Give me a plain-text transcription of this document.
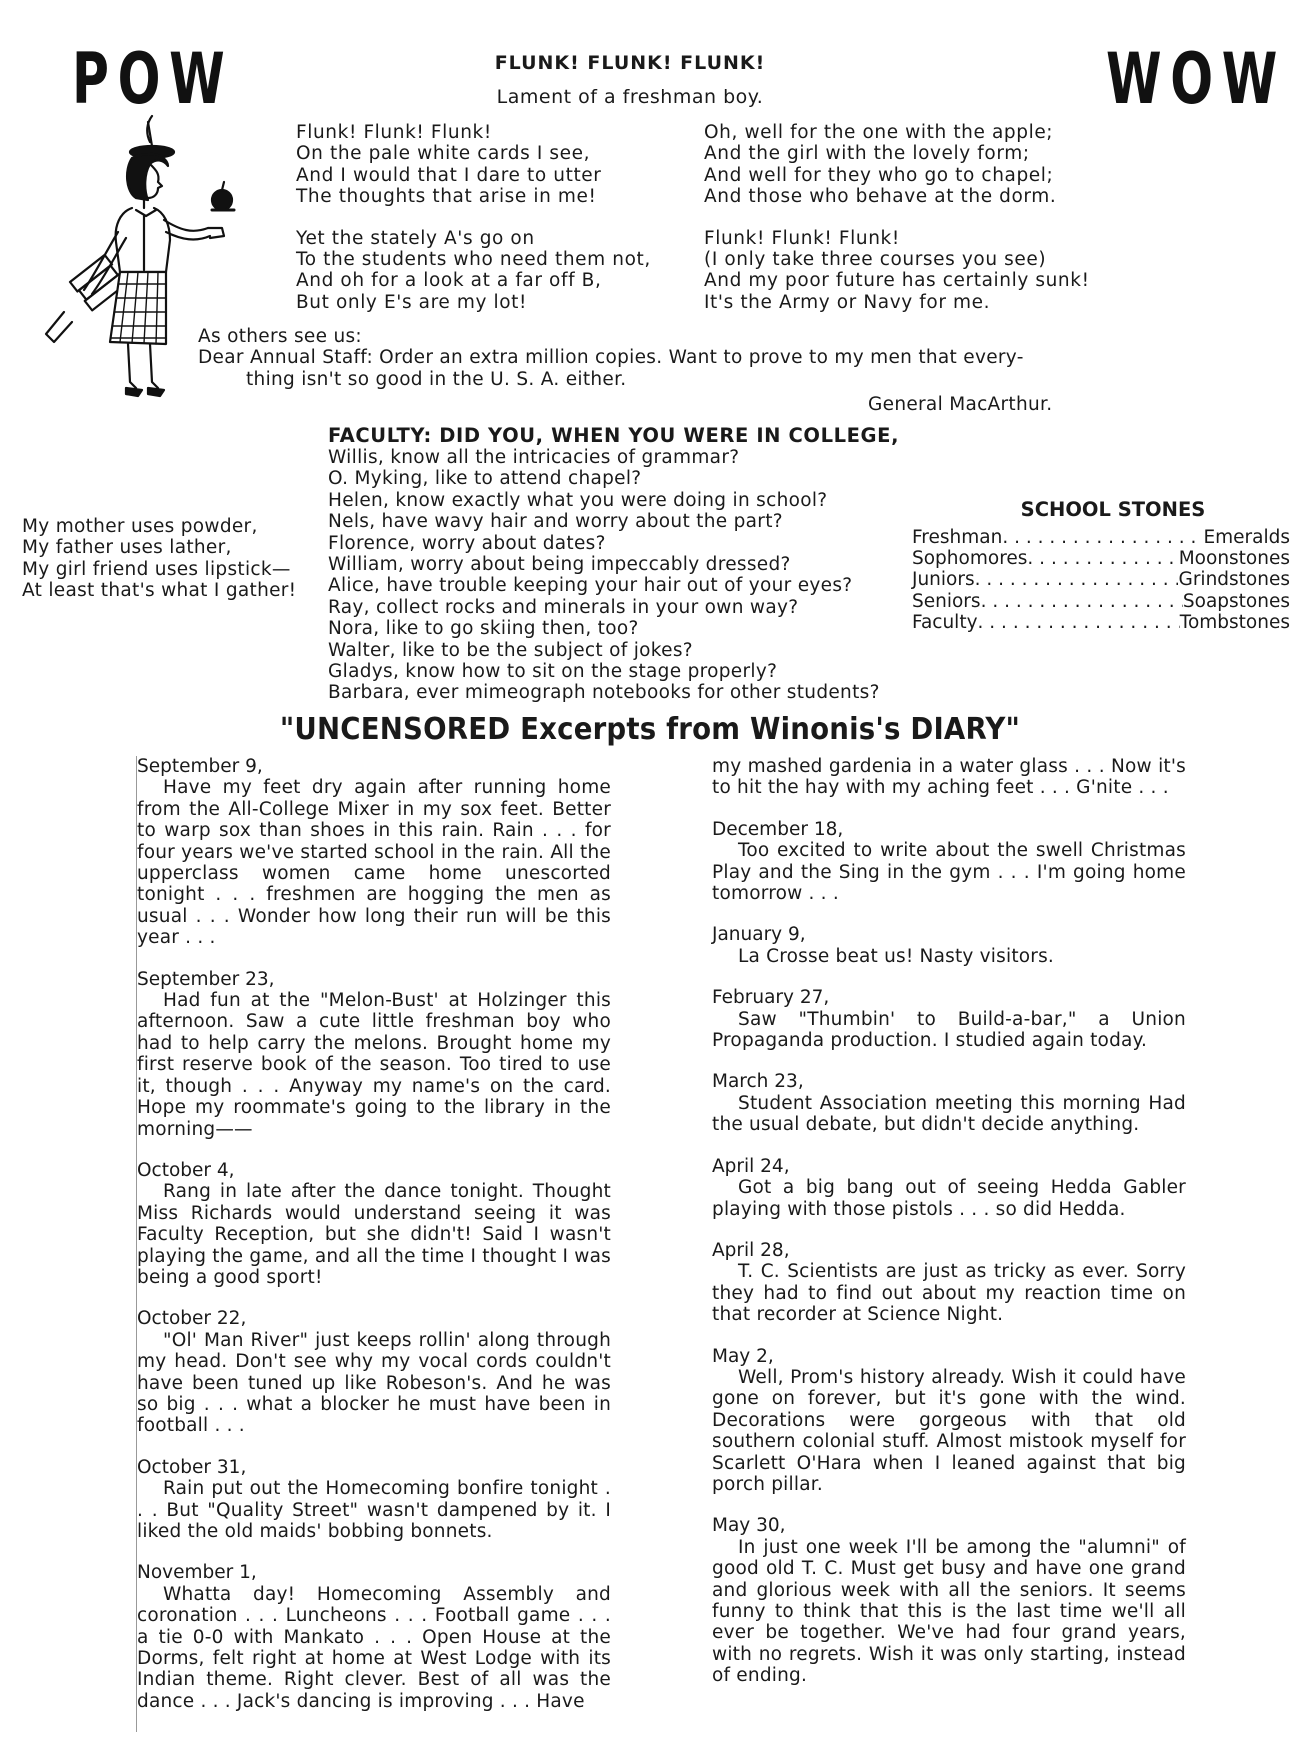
POW	WOW
FLUNK! FLUNK! FLUNK!
Lament of a freshman boy.
Flunk! Flunk! Flunk!
On the pale white cards I see,
And I would that I dare to utter
The thoughts that arise in me!
Yet the stately A's go on
To the students who need them not,
And oh for a look at a far off B,
But only E's are my lot!
Oh, well for the one with the apple;
And the girl with the lovely form;
And well for they who go to chapel;
And those who behave at the dorm.
Flunk! Flunk! Flunk!
(I only take three courses you see)
And my poor future has certainly sunk!
It's the Army or Navy for me.
As others see us:
Dear Annual Staff: Order an extra million copies. Want to prove to my men that every-
thing isn't so good in the U. S. A. either.
General MacArthur.
FACULTY: DID YOU, WHEN YOU WERE IN COLLEGE,
Willis, know all the intricacies of grammar?
O. Myking, like to attend chapel?
Helen, know exactly what you were doing in school?
Nels, have wavy hair and worry about the part?
Florence, worry about dates?
William, worry about being impeccably dressed?
Alice, have trouble keeping your hair out of your eyes?
Ray, collect rocks and minerals in your own way?
Nora, like to go skiing then, too?
Walter, like to be the subject of jokes?
Gladys, know how to sit on the stage properly?
Barbara, ever mimeograph notebooks for other students?
My mother uses powder,
My father uses lather,
My girl friend uses lipstick—
At least that's what I gather!
SCHOOL STONES
Freshman . . .	Emeralds
Sophomores . . .	Moonstones
Juniors . . .	Grindstones
Seniors . . .	Soapstones
Faculty . . .	Tombstones
"UNCENSORED Excerpts from Winonis's DIARY"
September 9,

Have my feet dry again after running home from the All-College Mixer in my sox feet. Better to warp sox than shoes in this rain. Rain . . . for four years we've started school in the rain. All the upperclass women came home unescorted tonight . . . freshmen are hogging the men as usual . . . Wonder how long their run will be this year . . .

September 23,

Had fun at the "Melon-Bust' at Holzinger this afternoon. Saw a cute little freshman boy who had to help carry the melons. Brought home my first reserve book of the season. Too tired to use it, though . . . Anyway my name's on the card. Hope my roommate's going to the library in the morning——

October 4,

Rang in late after the dance tonight. Thought Miss Richards would understand seeing it was Faculty Reception, but she didn't! Said I wasn't playing the game, and all the time I thought I was being a good sport!

October 22,

"Ol' Man River" just keeps rollin' along through my head. Don't see why my vocal cords couldn't have been tuned up like Robeson's. And he was so big . . . what a blocker he must have been in football . . .

October 31,

Rain put out the Homecoming bonfire tonight . . . But "Quality Street" wasn't dampened by it. I liked the old maids' bobbing bonnets.

November 1,

Whatta day! Homecoming Assembly and coronation . . . Luncheons . . . Football game . . . a tie 0-0 with Mankato . . . Open House at the Dorms, felt right at home at West Lodge with its Indian theme. Right clever. Best of all was the dance . . . Jack's dancing is improving . . . Have

my mashed gardenia in a water glass . . . Now it's to hit the hay with my aching feet . . . G'nite . . .

December 18,

Too excited to write about the swell Christmas Play and the Sing in the gym . . . I'm going home tomorrow . . .

January 9,

La Crosse beat us! Nasty visitors.

February 27,

Saw "Thumbin' to Build-a-bar," a Union Propaganda production. I studied again today.

March 23,

Student Association meeting this morning Had the usual debate, but didn't decide anything.

April 24,

Got a big bang out of seeing Hedda Gabler playing with those pistols . . . so did Hedda.

April 28,

T. C. Scientists are just as tricky as ever. Sorry they had to find out about my reaction time on that recorder at Science Night.

May 2,

Well, Prom's history already. Wish it could have gone on forever, but it's gone with the wind. Decorations were gorgeous with that old southern colonial stuff. Almost mistook myself for Scarlett O'Hara when I leaned against that big porch pillar.

May 30,

In just one week I'll be among the "alumni" of good old T. C. Must get busy and have one grand and glorious week with all the seniors. It seems funny to think that this is the last time we'll all ever be together. We've had four grand years, with no regrets. Wish it was only starting, instead of ending.
